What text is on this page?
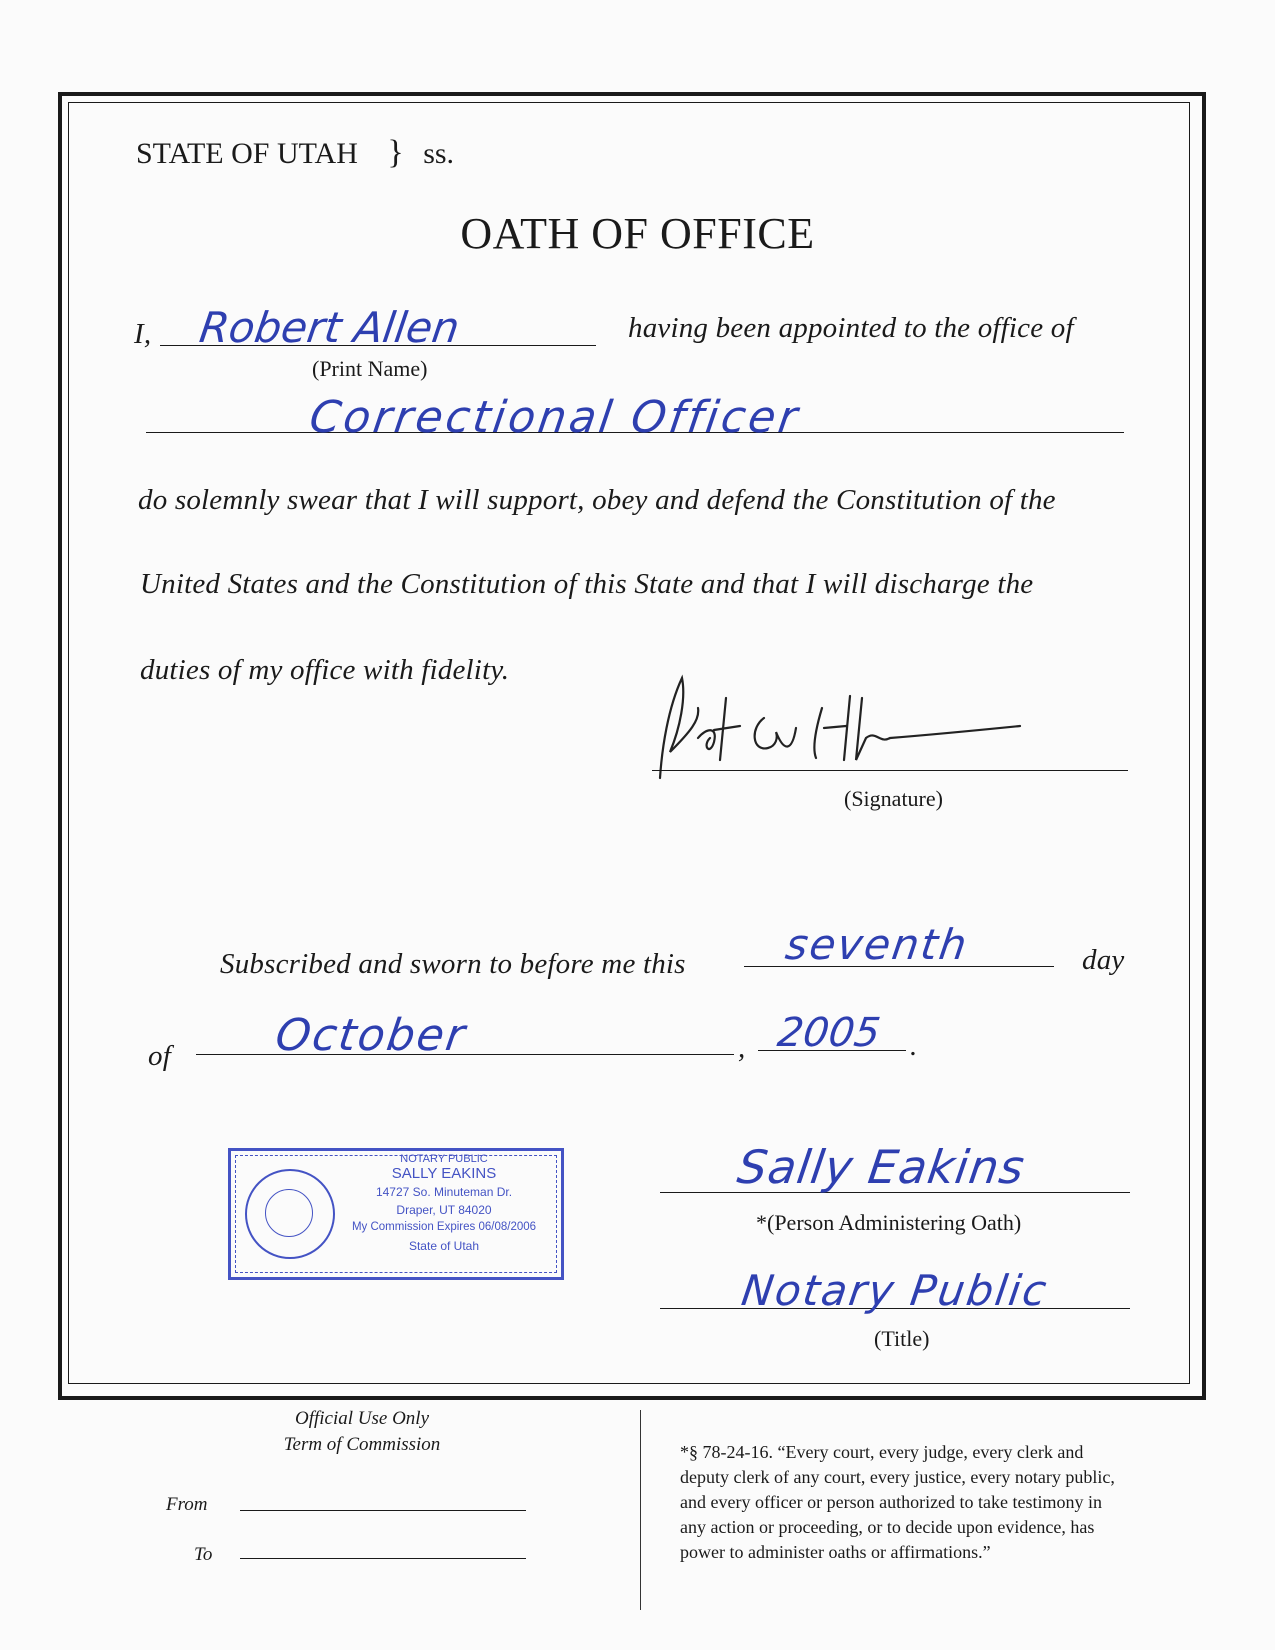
STATE OF UTAH } ss.
OATH OF OFFICE
I, Robert Allen
(Print Name)
having been appointed to the office of
Correctional Officer
do solemnly swear that I will support, obey and defend the Constitution of the
United States and the Constitution of this State and that I will discharge the
duties of my office with fidelity.
(Signature)
Subscribed and sworn to before me this seventh	day
of October	, 2005 .
NOTARY PUBLIC
SALLY EAKINS
14727 So. Minuteman Dr.
Draper, UT 84020
My Commission Expires 06/08/2006
State of Utah
Sally Eakins
*(Person Administering Oath)
Notary Public
(Title)
Official Use Only
Term of Commission
From
To
*§ 78-24-16. “Every court, every judge, every clerk and
deputy clerk of any court, every justice, every notary public,
and every officer or person authorized to take testimony in
any action or proceeding, or to decide upon evidence, has
power to administer oaths or affirmations.”
